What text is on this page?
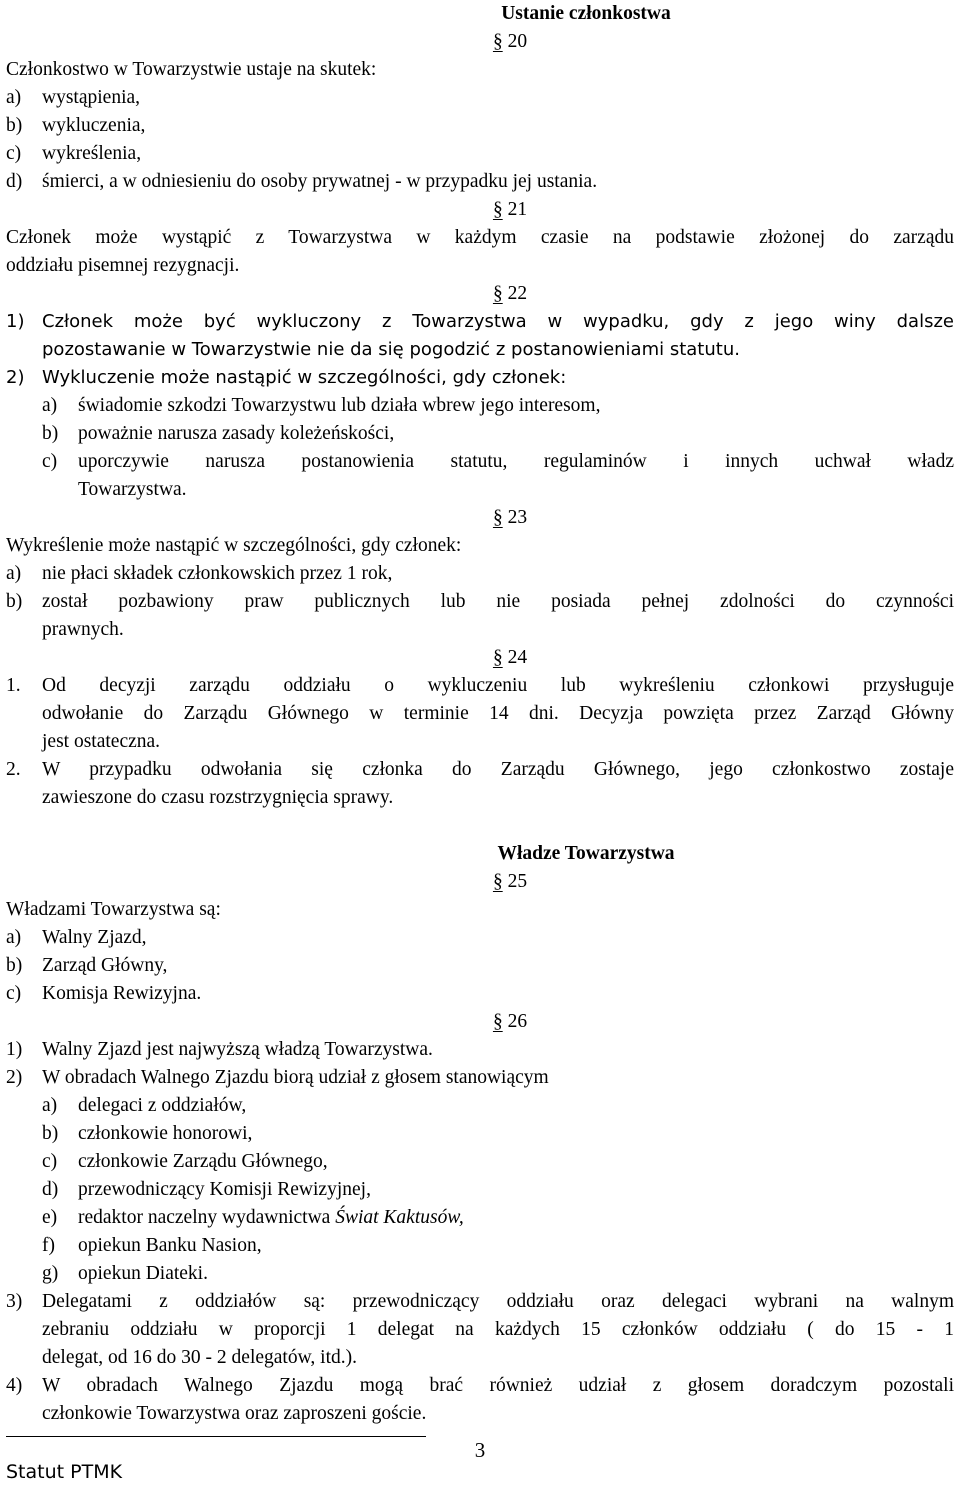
Ustanie członkostwa
§ 20
Członkostwo w Towarzystwie ustaje na skutek:
a)	wystąpienia,
b)	wykluczenia,
c)	wykreślenia,
d)	śmierci, a w odniesieniu do osoby prywatnej - w przypadku jej ustania.
§ 21
Członek może wystąpić z Towarzystwa w każdym czasie na podstawie złożonej do zarządu
oddziału pisemnej rezygnacji.
§ 22
1) Członek może być wykluczony z Towarzystwa w wypadku, gdy z jego winy dalsze
pozostawanie w Towarzystwie nie da się pogodzić z postanowieniami statutu.
2) Wykluczenie może nastąpić w szczególności, gdy członek:
a) świadomie szkodzi Towarzystwu lub działa wbrew jego interesom,
b) poważnie narusza zasady koleżeńskości,
c)	uporczywie narusza postanowienia statutu, regulaminów i innych uchwał władz
Towarzystwa.
§ 23
Wykreślenie może nastąpić w szczególności, gdy członek:
a)	nie płaci składek członkowskich przez 1 rok,
b)	został pozbawiony praw publicznych lub nie posiada pełnej zdolności do czynności
prawnych.
§ 24
1.	Od decyzji zarządu oddziału o wykluczeniu lub wykreśleniu członkowi przysługuje
odwołanie do Zarządu Głównego w terminie 14 dni. Decyzja powzięta przez Zarząd Główny
jest ostateczna.
2.	W przypadku odwołania się członka do Zarządu Głównego, jego członkostwo zostaje
zawieszone do czasu rozstrzygnięcia sprawy.
Władze Towarzystwa
§ 25
Władzami Towarzystwa są:
a)	Walny Zjazd,
b)	Zarząd Główny,
c)	Komisja Rewizyjna.
§ 26
1)	Walny Zjazd jest najwyższą władzą Towarzystwa.
2)	W obradach Walnego Zjazdu biorą udział z głosem stanowiącym
a) delegaci z oddziałów,
b) członkowie honorowi,
c) członkowie Zarządu Głównego,
d) przewodniczący Komisji Rewizyjnej,
e) redaktor naczelny wydawnictwa Świat Kaktusów,
f) opiekun Banku Nasion,
g) opiekun Diateki.
3)	Delegatami z oddziałów są: przewodniczący oddziału oraz delegaci wybrani na walnym
zebraniu oddziału w proporcji 1 delegat na każdych 15 członków oddziału ( do 15 - 1
delegat, od 16 do 30 - 2 delegatów, itd.).
4)	W obradach Walnego Zjazdu mogą brać również udział z głosem doradczym pozostali
członkowie Towarzystwa oraz zaproszeni goście.
3
Statut PTMK
